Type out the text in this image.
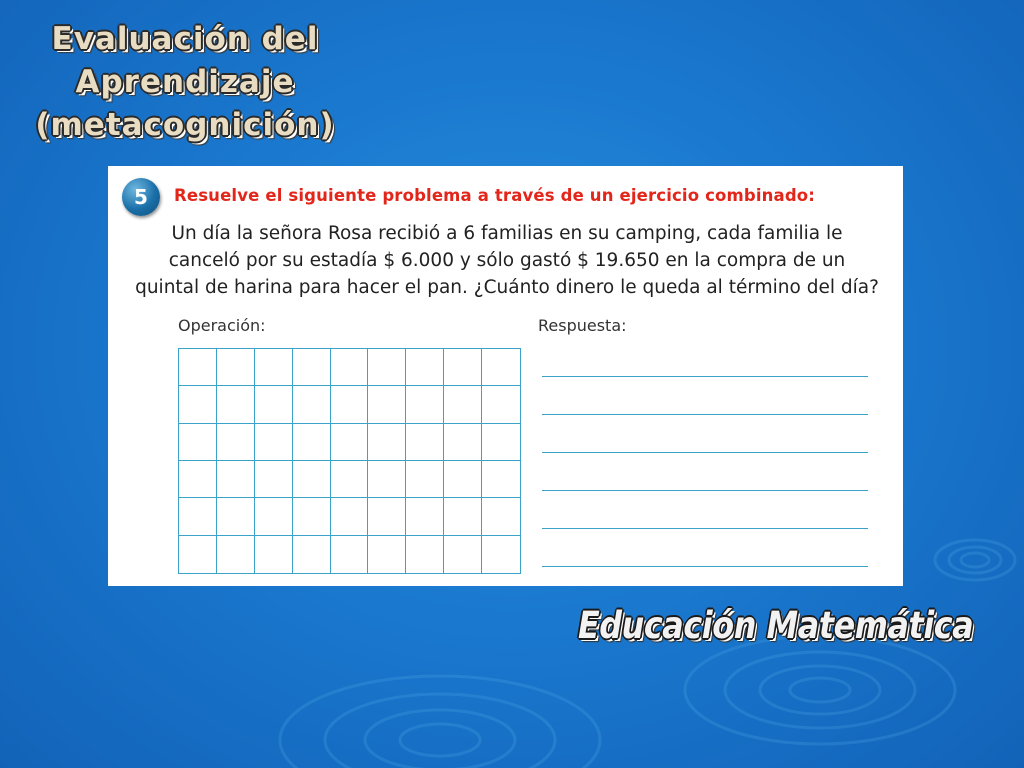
Evaluación del
Aprendizaje
(metacognición)
5	Resuelve el siguiente problema a través de un ejercicio combinado:
Un día la señora Rosa recibió a 6 familias en su camping, cada familia le
canceló por su estadía $ 6.000 y sólo gastó $ 19.650 en la compra de un
quintal de harina para hacer el pan. ¿Cuánto dinero le queda al término del día?
Operación:	Respuesta:
Educación Matemática
